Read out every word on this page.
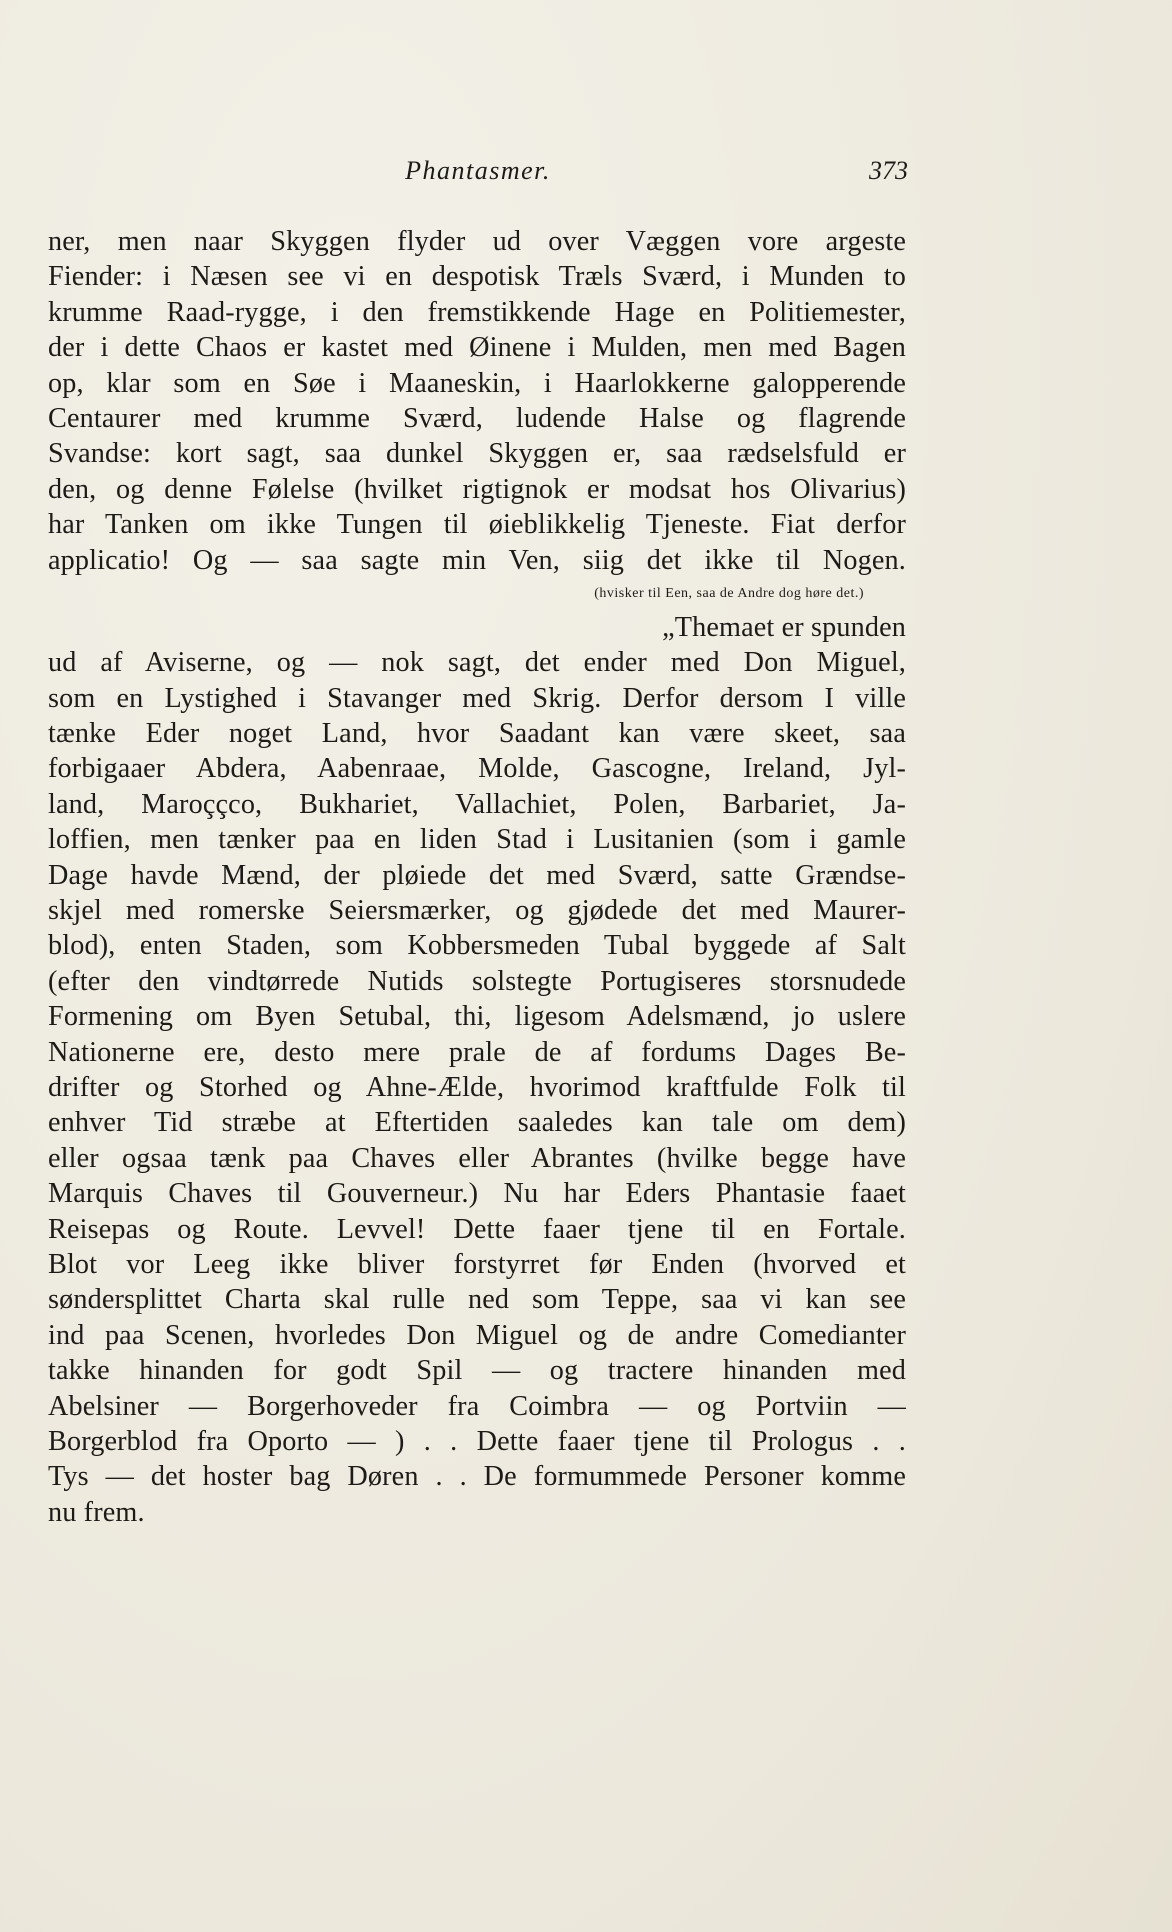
Phantasmer.	373
ner, men naar Skyggen flyder ud over Væggen vore argeste
Fiender: i Næsen see vi en despotisk Træls Sværd, i Munden to
krumme Raad-rygge, i den fremstikkende Hage en Politiemester,
der i dette Chaos er kastet med Øinene i Mulden, men med Bagen
op, klar som en Søe i Maaneskin, i Haarlokkerne galopperende
Centaurer med krumme Sværd, ludende Halse og flagrende
Svandse: kort sagt, saa dunkel Skyggen er, saa rædselsfuld er
den, og denne Følelse (hvilket rigtignok er modsat hos Olivarius)
har Tanken om ikke Tungen til øieblikkelig Tjeneste. Fiat derfor
applicatio! Og — saa sagte min Ven, siig det ikke til Nogen.
(hvisker til Een, saa de Andre dog høre det.)
„Themaet er spunden
ud af Aviserne, og — nok sagt, det ender med Don Miguel,
som en Lystighed i Stavanger med Skrig. Derfor dersom I ville
tænke Eder noget Land, hvor Saadant kan være skeet, saa
forbigaaer Abdera, Aabenraae, Molde, Gascogne, Ireland, Jyl-
land, Maroççco, Bukhariet, Vallachiet, Polen, Barbariet, Ja-
loffien, men tænker paa en liden Stad i Lusitanien (som i gamle
Dage havde Mænd, der pløiede det med Sværd, satte Grændse-
skjel med romerske Seiersmærker, og gjødede det med Maurer-
blod), enten Staden, som Kobbersmeden Tubal byggede af Salt
(efter den vindtørrede Nutids solstegte Portugiseres storsnudede
Formening om Byen Setubal, thi, ligesom Adelsmænd, jo uslere
Nationerne ere, desto mere prale de af fordums Dages Be-
drifter og Storhed og Ahne-Ælde, hvorimod kraftfulde Folk til
enhver Tid stræbe at Eftertiden saaledes kan tale om dem)
eller ogsaa tænk paa Chaves eller Abrantes (hvilke begge have
Marquis Chaves til Gouverneur.) Nu har Eders Phantasie faaet
Reisepas og Route. Levvel! Dette faaer tjene til en Fortale.
Blot vor Leeg ikke bliver forstyrret før Enden (hvorved et
søndersplittet Charta skal rulle ned som Teppe, saa vi kan see
ind paa Scenen, hvorledes Don Miguel og de andre Comedianter
takke hinanden for godt Spil — og tractere hinanden med
Abelsiner — Borgerhoveder fra Coimbra — og Portviin —
Borgerblod fra Oporto — ) . . Dette faaer tjene til Prologus . .
Tys — det hoster bag Døren . . De formummede Personer komme
nu frem.
